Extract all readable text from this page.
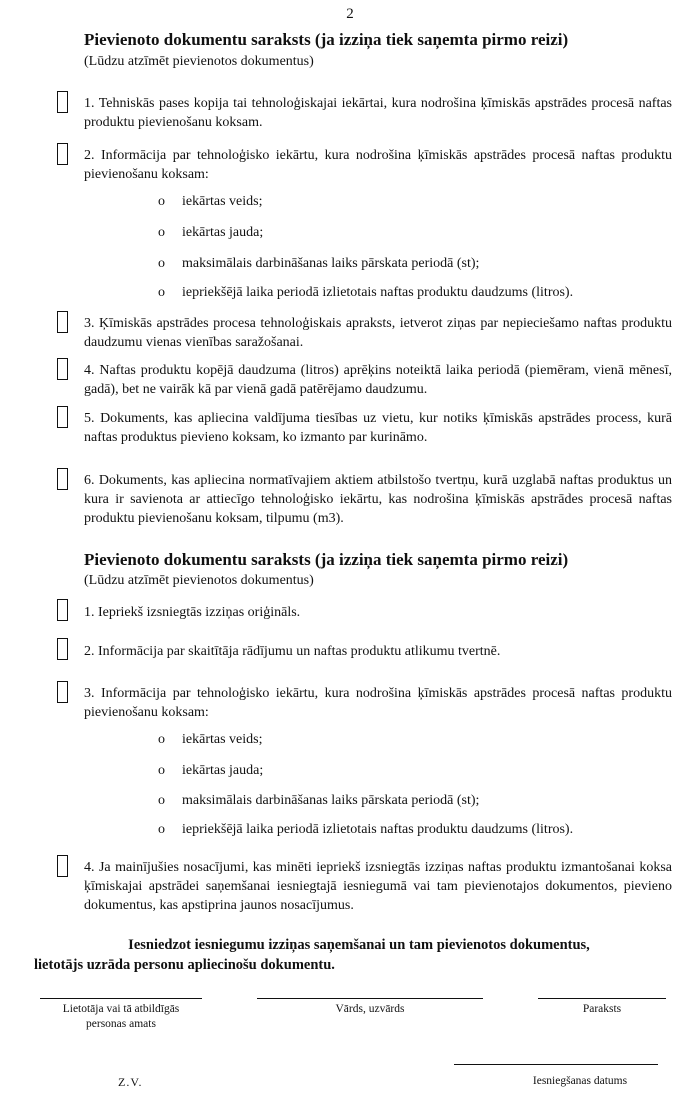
2
Pievienoto dokumentu saraksts (ja izziņa tiek saņemta pirmo reizi)
(Lūdzu atzīmēt pievienotos dokumentus)
1. Tehniskās pases kopija tai tehnoloģiskajai iekārtai, kura nodrošina ķīmiskās apstrādes procesā naftas produktu pievienošanu koksam.
2. Informācija par tehnoloģisko iekārtu, kura nodrošina ķīmiskās apstrādes procesā naftas produktu pievienošanu koksam:
o iekārtas veids;
o iekārtas jauda;
o maksimālais darbināšanas laiks pārskata periodā (st);
o iepriekšējā laika periodā izlietotais naftas produktu daudzums (litros).
3. Ķīmiskās apstrādes procesa tehnoloģiskais apraksts, ietverot ziņas par nepieciešamo naftas produktu daudzumu vienas vienības saražošanai.
4. Naftas produktu kopējā daudzuma (litros) aprēķins noteiktā laika periodā (piemēram, vienā mēnesī, gadā), bet ne vairāk kā par vienā gadā patērējamo daudzumu.
5. Dokuments, kas apliecina valdījuma tiesības uz vietu, kur notiks ķīmiskās apstrādes process, kurā naftas produktus pievieno koksam, ko izmanto par kurināmo.
6. Dokuments, kas apliecina normatīvajiem aktiem atbilstošo tvertņu, kurā uzglabā naftas produktus un kura ir savienota ar attiecīgo tehnoloģisko iekārtu, kas nodrošina ķīmiskās apstrādes procesā naftas produktu pievienošanu koksam, tilpumu (m3).
Pievienoto dokumentu saraksts (ja izziņa tiek saņemta pirmo reizi)
(Lūdzu atzīmēt pievienotos dokumentus)
1. Iepriekš izsniegtās izziņas oriģināls.
2. Informācija par skaitītāja rādījumu un naftas produktu atlikumu tvertnē.
3. Informācija par tehnoloģisko iekārtu, kura nodrošina ķīmiskās apstrādes procesā naftas produktu pievienošanu koksam:
o iekārtas veids;
o iekārtas jauda;
o maksimālais darbināšanas laiks pārskata periodā (st);
o iepriekšējā laika periodā izlietotais naftas produktu daudzums (litros).
4. Ja mainījušies nosacījumi, kas minēti iepriekš izsniegtās izziņas naftas produktu izmantošanai koksa ķīmiskajai apstrādei saņemšanai iesniegtajā iesniegumā vai tam pievienotajos dokumentos, pievieno dokumentus, kas apstiprina jaunos nosacījumus.
Iesniedzot iesniegumu izziņas saņemšanai un tam pievienotos dokumentus,
lietotājs uzrāda personu apliecinošu dokumentu.
Lietotāja vai tā atbildīgās
personas amats
Vārds, uzvārds	Paraksts
Z.V.	Iesniegšanas datums
